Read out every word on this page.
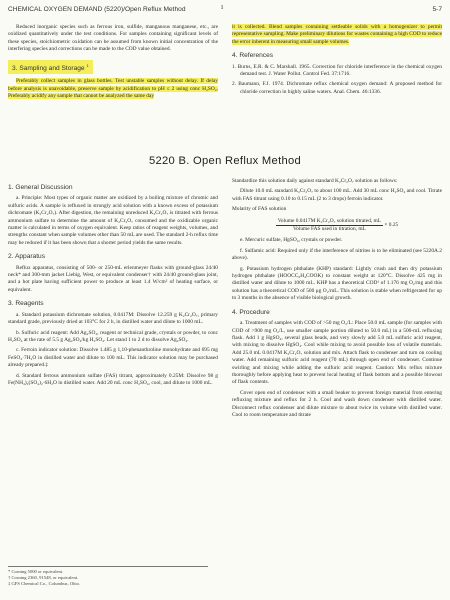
CHEMICAL OXYGEN DEMAND (5220)/Open Reflux Method	5-7
ı

Reduced inorganic species such as ferrous iron, sulfide, manganous manganese, etc., are oxidized quantitatively under the test conditions. For samples containing significant levels of these species, stoichiometric oxidation can be assumed from known initial concentration of the interfering species and corrections can be made to the COD value obtained.

3. Sampling and Storage $^1$

Preferably collect samples in glass bottles. Test unstable samples without delay. If delay before analysis is unavoidable, preserve sample by acidification to pH ≤ 2 using conc H₂SO₄. Preferably acidify any sample that cannot be analyzed the same day

it is collected. Blend samples containing settleable solids with a homogenizer to permit representative sampling. Make preliminary dilutions for wastes containing a high COD to reduce the error inherent in measuring small sample volumes.

4. References
1. Burns, E.R. & C. Marshall. 1965. Correction for chloride interference in the chemical oxygen demand test. J. Water Pollut. Control Fed. 37:1716.
2. Baumann, F.J. 1974. Dichromate reflux chemical oxygen demand: A proposed method for chloride correction in highly saline waters. Anal. Chem. 46:1336.
5220 B. Open Reflux Method
1. General Discussion

a. Principle: Most types of organic matter are oxidized by a boiling mixture of chromic and sulfuric acids. A sample is refluxed in strongly acid solution with a known excess of potassium dichromate (K₂Cr₂O₇). After digestion, the remaining unreduced K₂Cr₂O₇ is titrated with ferrous ammonium sulfate to determine the amount of K₂Cr₂O₇ consumed and the oxidizable organic matter is calculated in terms of oxygen equivalent. Keep ratios of reagent weights, volumes, and strengths constant when sample volumes other than 50 mL are used. The standard 2-h reflux time may be reduced if it has been shown that a shorter period yields the same results.

2. Apparatus

Reflux apparatus, consisting of 500- or 250-mL erlenmeyer flasks with ground-glass 24/40 neck* and 300-mm jacket Liebig, West, or equivalent condenser† with 24/40 ground-glass joint, and a hot plate having sufficient power to produce at least 1.4 W/cm² of heating surface, or equivalent.

3. Reagents

a. Standard potassium dichromate solution, 0.0417M: Dissolve 12.259 g K₂Cr₂O₇, primary standard grade, previously dried at 103°C for 2 h, in distilled water and dilute to 1000 mL.

b. Sulfuric acid reagent: Add Ag₂SO₄, reagent or technical grade, crystals or powder, to conc H₂SO₄ at the rate of 5.5 g Ag₂SO₄/kg H₂SO₄. Let stand 1 to 2 d to dissolve Ag₂SO₄.

c. Ferroin indicator solution: Dissolve 1.485 g 1,10-phenanthroline monohydrate and 695 mg FeSO₄·7H₂O in distilled water and dilute to 100 mL. This indicator solution may be purchased already prepared.‡

d. Standard ferrous ammonium sulfate (FAS) titrant, approximately 0.25M: Dissolve 98 g Fe(NH₄)₂(SO₄)₂·6H₂O in distilled water. Add 20 mL conc H₂SO₄, cool, and dilute to 1000 mL.

Standardize this solution daily against standard K₂Cr₂O₇ solution as follows:

Dilute 10.0 mL standard K₂Cr₂O₇ to about 100 mL. Add 30 mL conc H₂SO₄ and cool. Titrate with FAS titrant using 0.10 to 0.15 mL (2 to 3 drops) ferroin indicator.

Molarity of FAS solution

Volume 0.0417M K₂Cr₂O₇ solution titrated, mL
Volume FAS used in titration, mL × 0.25

e. Mercuric sulfate, HgSO₄, crystals or powder.

f. Sulfamic acid: Required only if the interference of nitrites is to be eliminated (see 5220A.2 above).

g. Potassium hydrogen phthalate (KHP) standard: Lightly crush and then dry potassium hydrogen phthalate (HOOCC₆H₄COOK) to constant weight at 120°C. Dissolve 425 mg in distilled water and dilute to 1000 mL. KHP has a theoretical COD¹ of 1.176 mg O₂/mg and this solution has a theoretical COD of 500 μg O₂/mL. This solution is stable when refrigerated for up to 3 months in the absence of visible biological growth.

4. Procedure

a. Treatment of samples with COD of >50 mg O₂/L: Place 50.0 mL sample (for samples with COD of >900 mg O₂/L, use smaller sample portion diluted to 50.0 mL) in a 500-mL refluxing flask. Add 1 g HgSO₄, several glass beads, and very slowly add 5.0 mL sulfuric acid reagent, with mixing to dissolve HgSO₄. Cool while mixing to avoid possible loss of volatile materials. Add 25.0 mL 0.0417M K₂Cr₂O₇ solution and mix. Attach flask to condenser and turn on cooling water. Add remaining sulfuric acid reagent (70 mL) through open end of condenser. Continue swirling and mixing while adding the sulfuric acid reagent. Caution: Mix reflux mixture thoroughly before applying heat to prevent local heating of flask bottom and a possible blowout of flask contents.

Cover open end of condenser with a small beaker to prevent foreign material from entering refluxing mixture and reflux for 2 h. Cool and wash down condenser with distilled water. Disconnect reflux condenser and dilute mixture to about twice its volume with distilled water. Cool to room temperature and titrate

* Corning 5000 or equivalent.
† Corning 2360, 91548, or equivalent.
‡ GFS Chemical Co., Columbus, Ohio.
